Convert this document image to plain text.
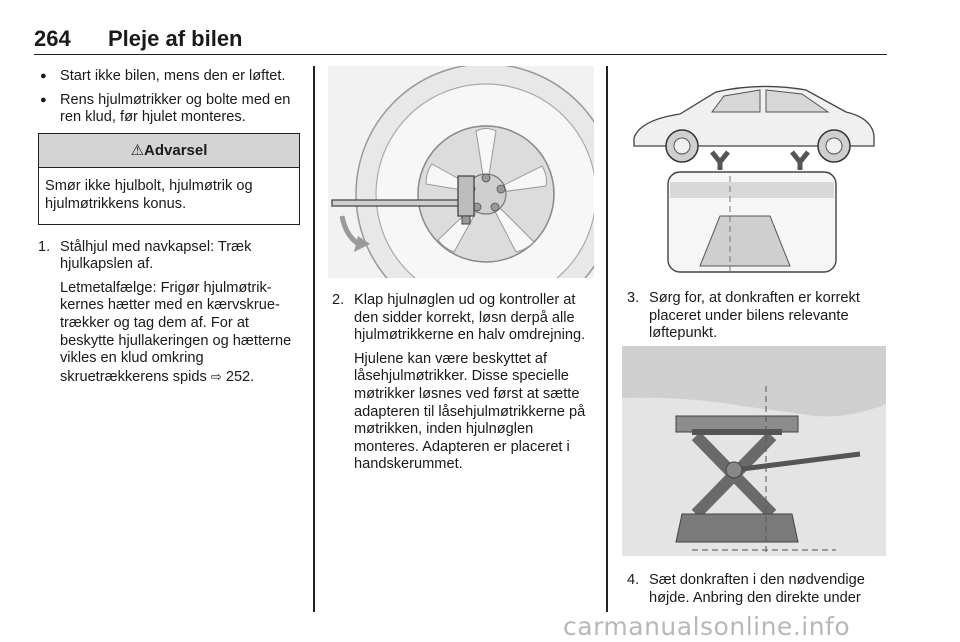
264 Pleje af bilen
● Start ikke bilen, mens den er løftet.
● Rens hjulmøtrikker og bolte med en ren klud, før hjulet monteres.
⚠Advarsel
Smør ikke hjulbolt, hjulmøtrik og hjulmøtrikkens konus.
1. Stålhjul med navkapsel: Træk hjulkapslen af.
Letmetalfælge: Frigør hjulmøtrikkernes hætter med en kærvskruetrækker og tag dem af. For at beskytte hjullakeringen og hætterne vikles en klud omkring skruetrækkerens spids ⇨ 252.
2. Klap hjulnøglen ud og kontroller at den sidder korrekt, løsn derpå alle hjulmøtrikkerne en halv omdrejning.
Hjulene kan være beskyttet af låsehjulmøtrikker. Disse specielle møtrikker løsnes ved først at sætte adapteren til låsehjulmøtrikkerne på møtrikken, inden hjulnøglen monteres. Adapteren er placeret i handskerummet.
3. Sørg for, at donkraften er korrekt placeret under bilens relevante løftepunkt.
4. Sæt donkraften i den nødvendige højde. Anbring den direkte under
carmanualsonline.info
